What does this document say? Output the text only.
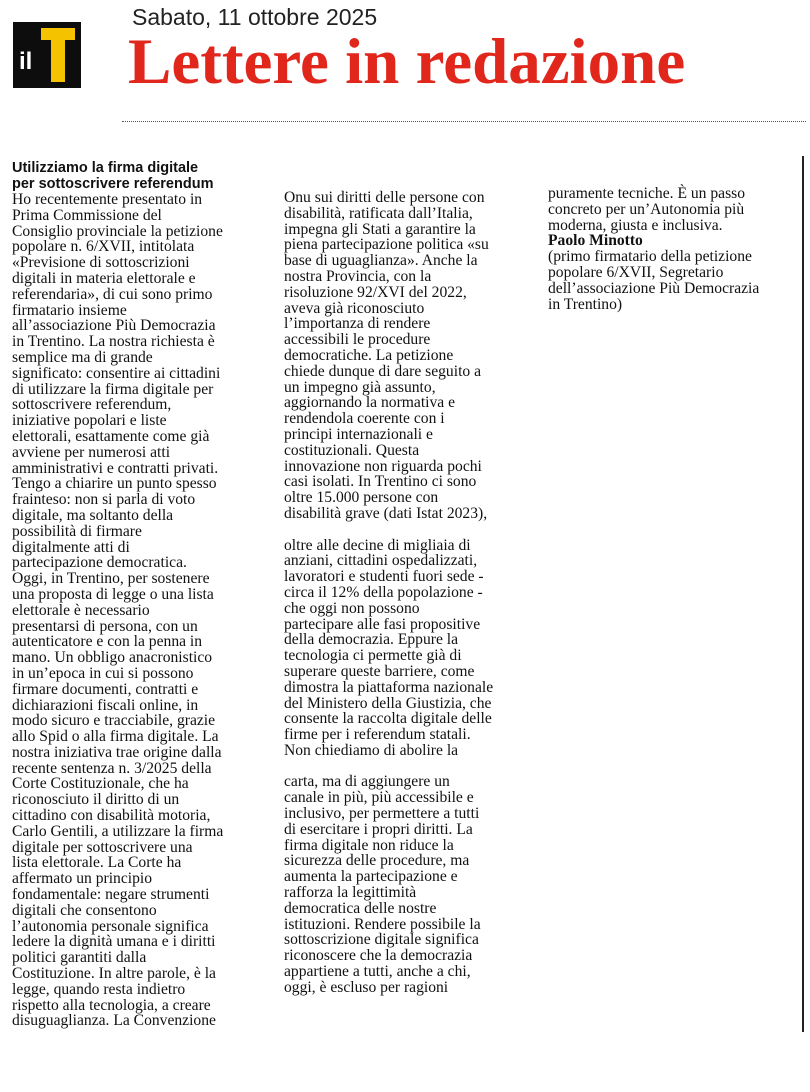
Sabato, 11 ottobre 2025
il Lettere in redazione
Utilizziamo la firma digitale
per sottoscrivere referendum
Ho recentemente presentato in
Prima Commissione del
Consiglio provinciale la petizione
popolare n. 6/XVII, intitolata
«Previsione di sottoscrizioni
digitali in materia elettorale e
referendaria», di cui sono primo
firmatario insieme
all’associazione Più Democrazia
in Trentino. La nostra richiesta è
semplice ma di grande
significato: consentire ai cittadini
di utilizzare la firma digitale per
sottoscrivere referendum,
iniziative popolari e liste
elettorali, esattamente come già
avviene per numerosi atti
amministrativi e contratti privati.
Tengo a chiarire un punto spesso
frainteso: non si parla di voto
digitale, ma soltanto della
possibilità di firmare
digitalmente atti di
partecipazione democratica.
Oggi, in Trentino, per sostenere
una proposta di legge o una lista
elettorale è necessario
presentarsi di persona, con un
autenticatore e con la penna in
mano. Un obbligo anacronistico
in un’epoca in cui si possono
firmare documenti, contratti e
dichiarazioni fiscali online, in
modo sicuro e tracciabile, grazie
allo Spid o alla firma digitale. La
nostra iniziativa trae origine dalla
recente sentenza n. 3/2025 della
Corte Costituzionale, che ha
riconosciuto il diritto di un
cittadino con disabilità motoria,
Carlo Gentili, a utilizzare la firma
digitale per sottoscrivere una
lista elettorale. La Corte ha
affermato un principio
fondamentale: negare strumenti
digitali che consentono
l’autonomia personale significa
ledere la dignità umana e i diritti
politici garantiti dalla
Costituzione. In altre parole, è la
legge, quando resta indietro
rispetto alla tecnologia, a creare
disuguaglianza. La Convenzione
Onu sui diritti delle persone con
disabilità, ratificata dall’Italia,
impegna gli Stati a garantire la
piena partecipazione politica «su
base di uguaglianza». Anche la
nostra Provincia, con la
risoluzione 92/XVI del 2022,
aveva già riconosciuto
l’importanza di rendere
accessibili le procedure
democratiche. La petizione
chiede dunque di dare seguito a
un impegno già assunto,
aggiornando la normativa e
rendendola coerente con i
principi internazionali e
costituzionali. Questa
innovazione non riguarda pochi
casi isolati. In Trentino ci sono
oltre 15.000 persone con
disabilità grave (dati Istat 2023),

oltre alle decine di migliaia di
anziani, cittadini ospedalizzati,
lavoratori e studenti fuori sede -
circa il 12% della popolazione -
che oggi non possono
partecipare alle fasi propositive
della democrazia. Eppure la
tecnologia ci permette già di
superare queste barriere, come
dimostra la piattaforma nazionale
del Ministero della Giustizia, che
consente la raccolta digitale delle
firme per i referendum statali.
Non chiediamo di abolire la

carta, ma di aggiungere un
canale in più, più accessibile e
inclusivo, per permettere a tutti
di esercitare i propri diritti. La
firma digitale non riduce la
sicurezza delle procedure, ma
aumenta la partecipazione e
rafforza la legittimità
democratica delle nostre
istituzioni. Rendere possibile la
sottoscrizione digitale significa
riconoscere che la democrazia
appartiene a tutti, anche a chi,
oggi, è escluso per ragioni
puramente tecniche. È un passo
concreto per un’Autonomia più
moderna, giusta e inclusiva.
Paolo Minotto
(primo firmatario della petizione
popolare 6/XVII, Segretario
dell’associazione Più Democrazia
in Trentino)
